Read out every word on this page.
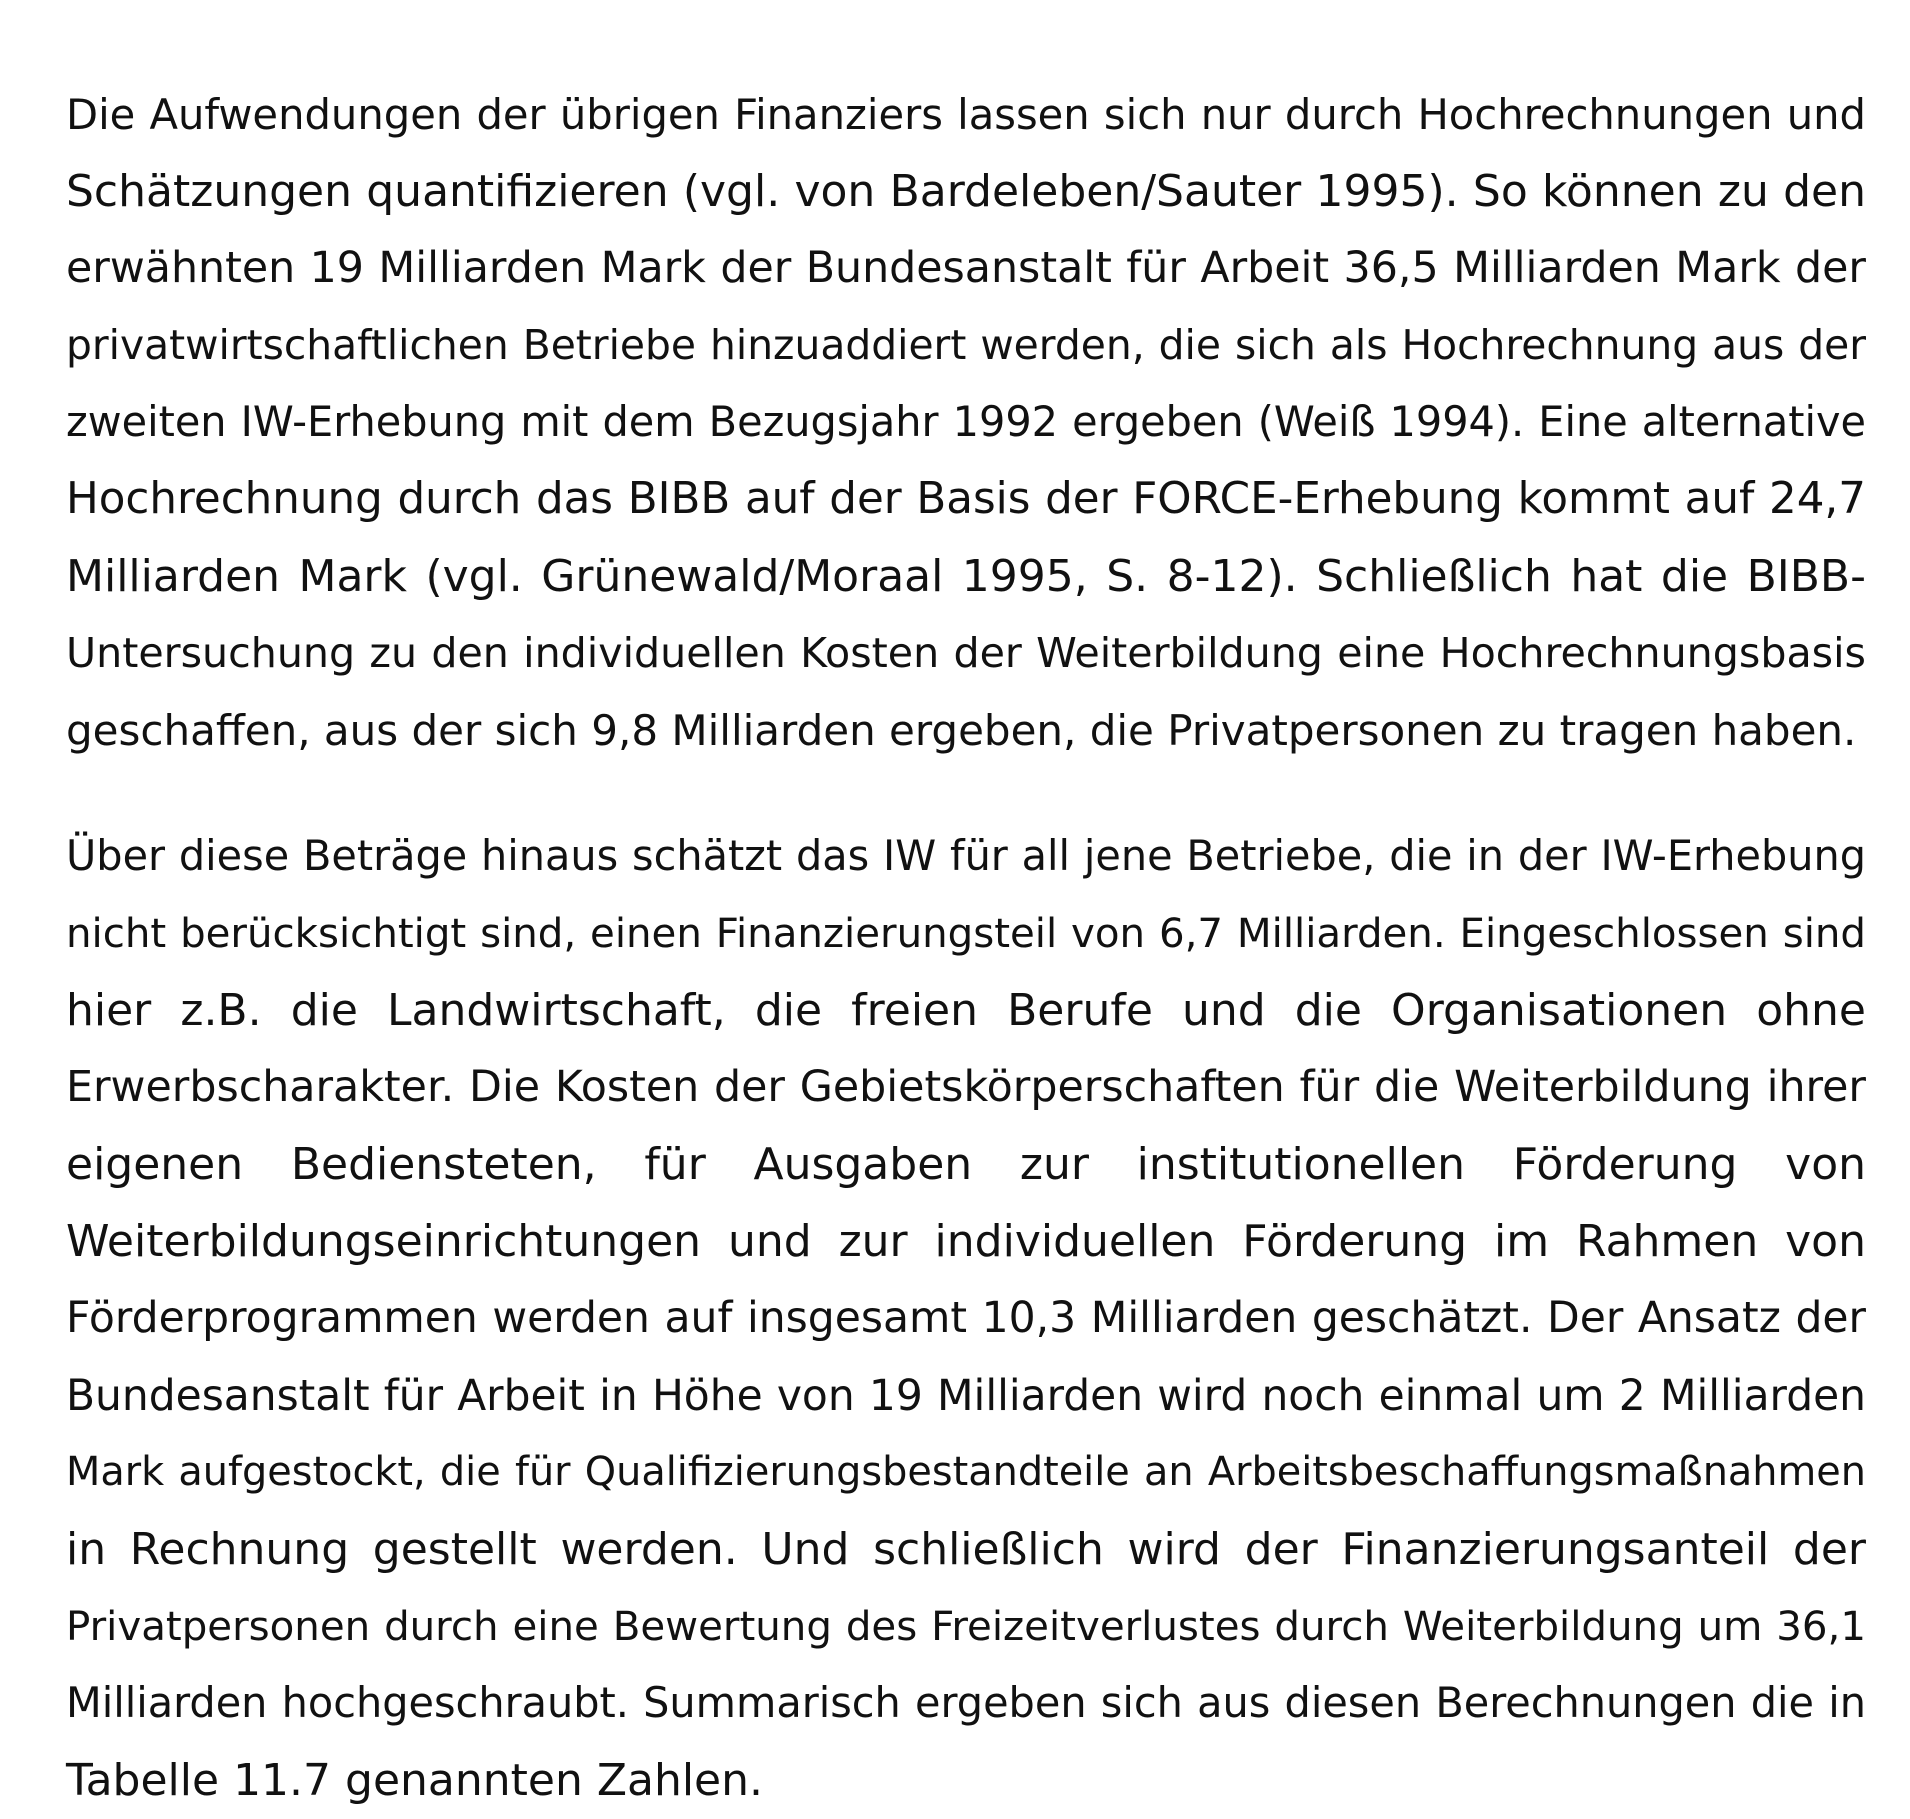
Die Aufwendungen der übrigen Finanziers lassen sich nur durch Hochrechnungen und
Schätzungen quantifizieren (vgl. von Bardeleben/Sauter 1995). So können zu den
erwähnten 19 Milliarden Mark der Bundesanstalt für Arbeit 36,5 Milliarden Mark der
privatwirtschaftlichen Betriebe hinzuaddiert werden, die sich als Hochrechnung aus der
zweiten IW-Erhebung mit dem Bezugsjahr 1992 ergeben (Weiß 1994). Eine alternative
Hochrechnung durch das BIBB auf der Basis der FORCE-Erhebung kommt auf 24,7
Milliarden Mark (vgl. Grünewald/Moraal 1995, S. 8-12). Schließlich hat die BIBB-
Untersuchung zu den individuellen Kosten der Weiterbildung eine Hochrechnungsbasis
geschaffen, aus der sich 9,8 Milliarden ergeben, die Privatpersonen zu tragen haben.
Über diese Beträge hinaus schätzt das IW für all jene Betriebe, die in der IW-Erhebung
nicht berücksichtigt sind, einen Finanzierungsteil von 6,7 Milliarden. Eingeschlossen sind
hier z.B. die Landwirtschaft, die freien Berufe und die Organisationen ohne
Erwerbscharakter. Die Kosten der Gebietskörperschaften für die Weiterbildung ihrer
eigenen Bediensteten, für Ausgaben zur institutionellen Förderung von
Weiterbildungseinrichtungen und zur individuellen Förderung im Rahmen von
Förderprogrammen werden auf insgesamt 10,3 Milliarden geschätzt. Der Ansatz der
Bundesanstalt für Arbeit in Höhe von 19 Milliarden wird noch einmal um 2 Milliarden
Mark aufgestockt, die für Qualifizierungsbestandteile an Arbeitsbeschaffungsmaßnahmen
in Rechnung gestellt werden. Und schließlich wird der Finanzierungsanteil der
Privatpersonen durch eine Bewertung des Freizeitverlustes durch Weiterbildung um 36,1
Milliarden hochgeschraubt. Summarisch ergeben sich aus diesen Berechnungen die in
Tabelle 11.7 genannten Zahlen.
